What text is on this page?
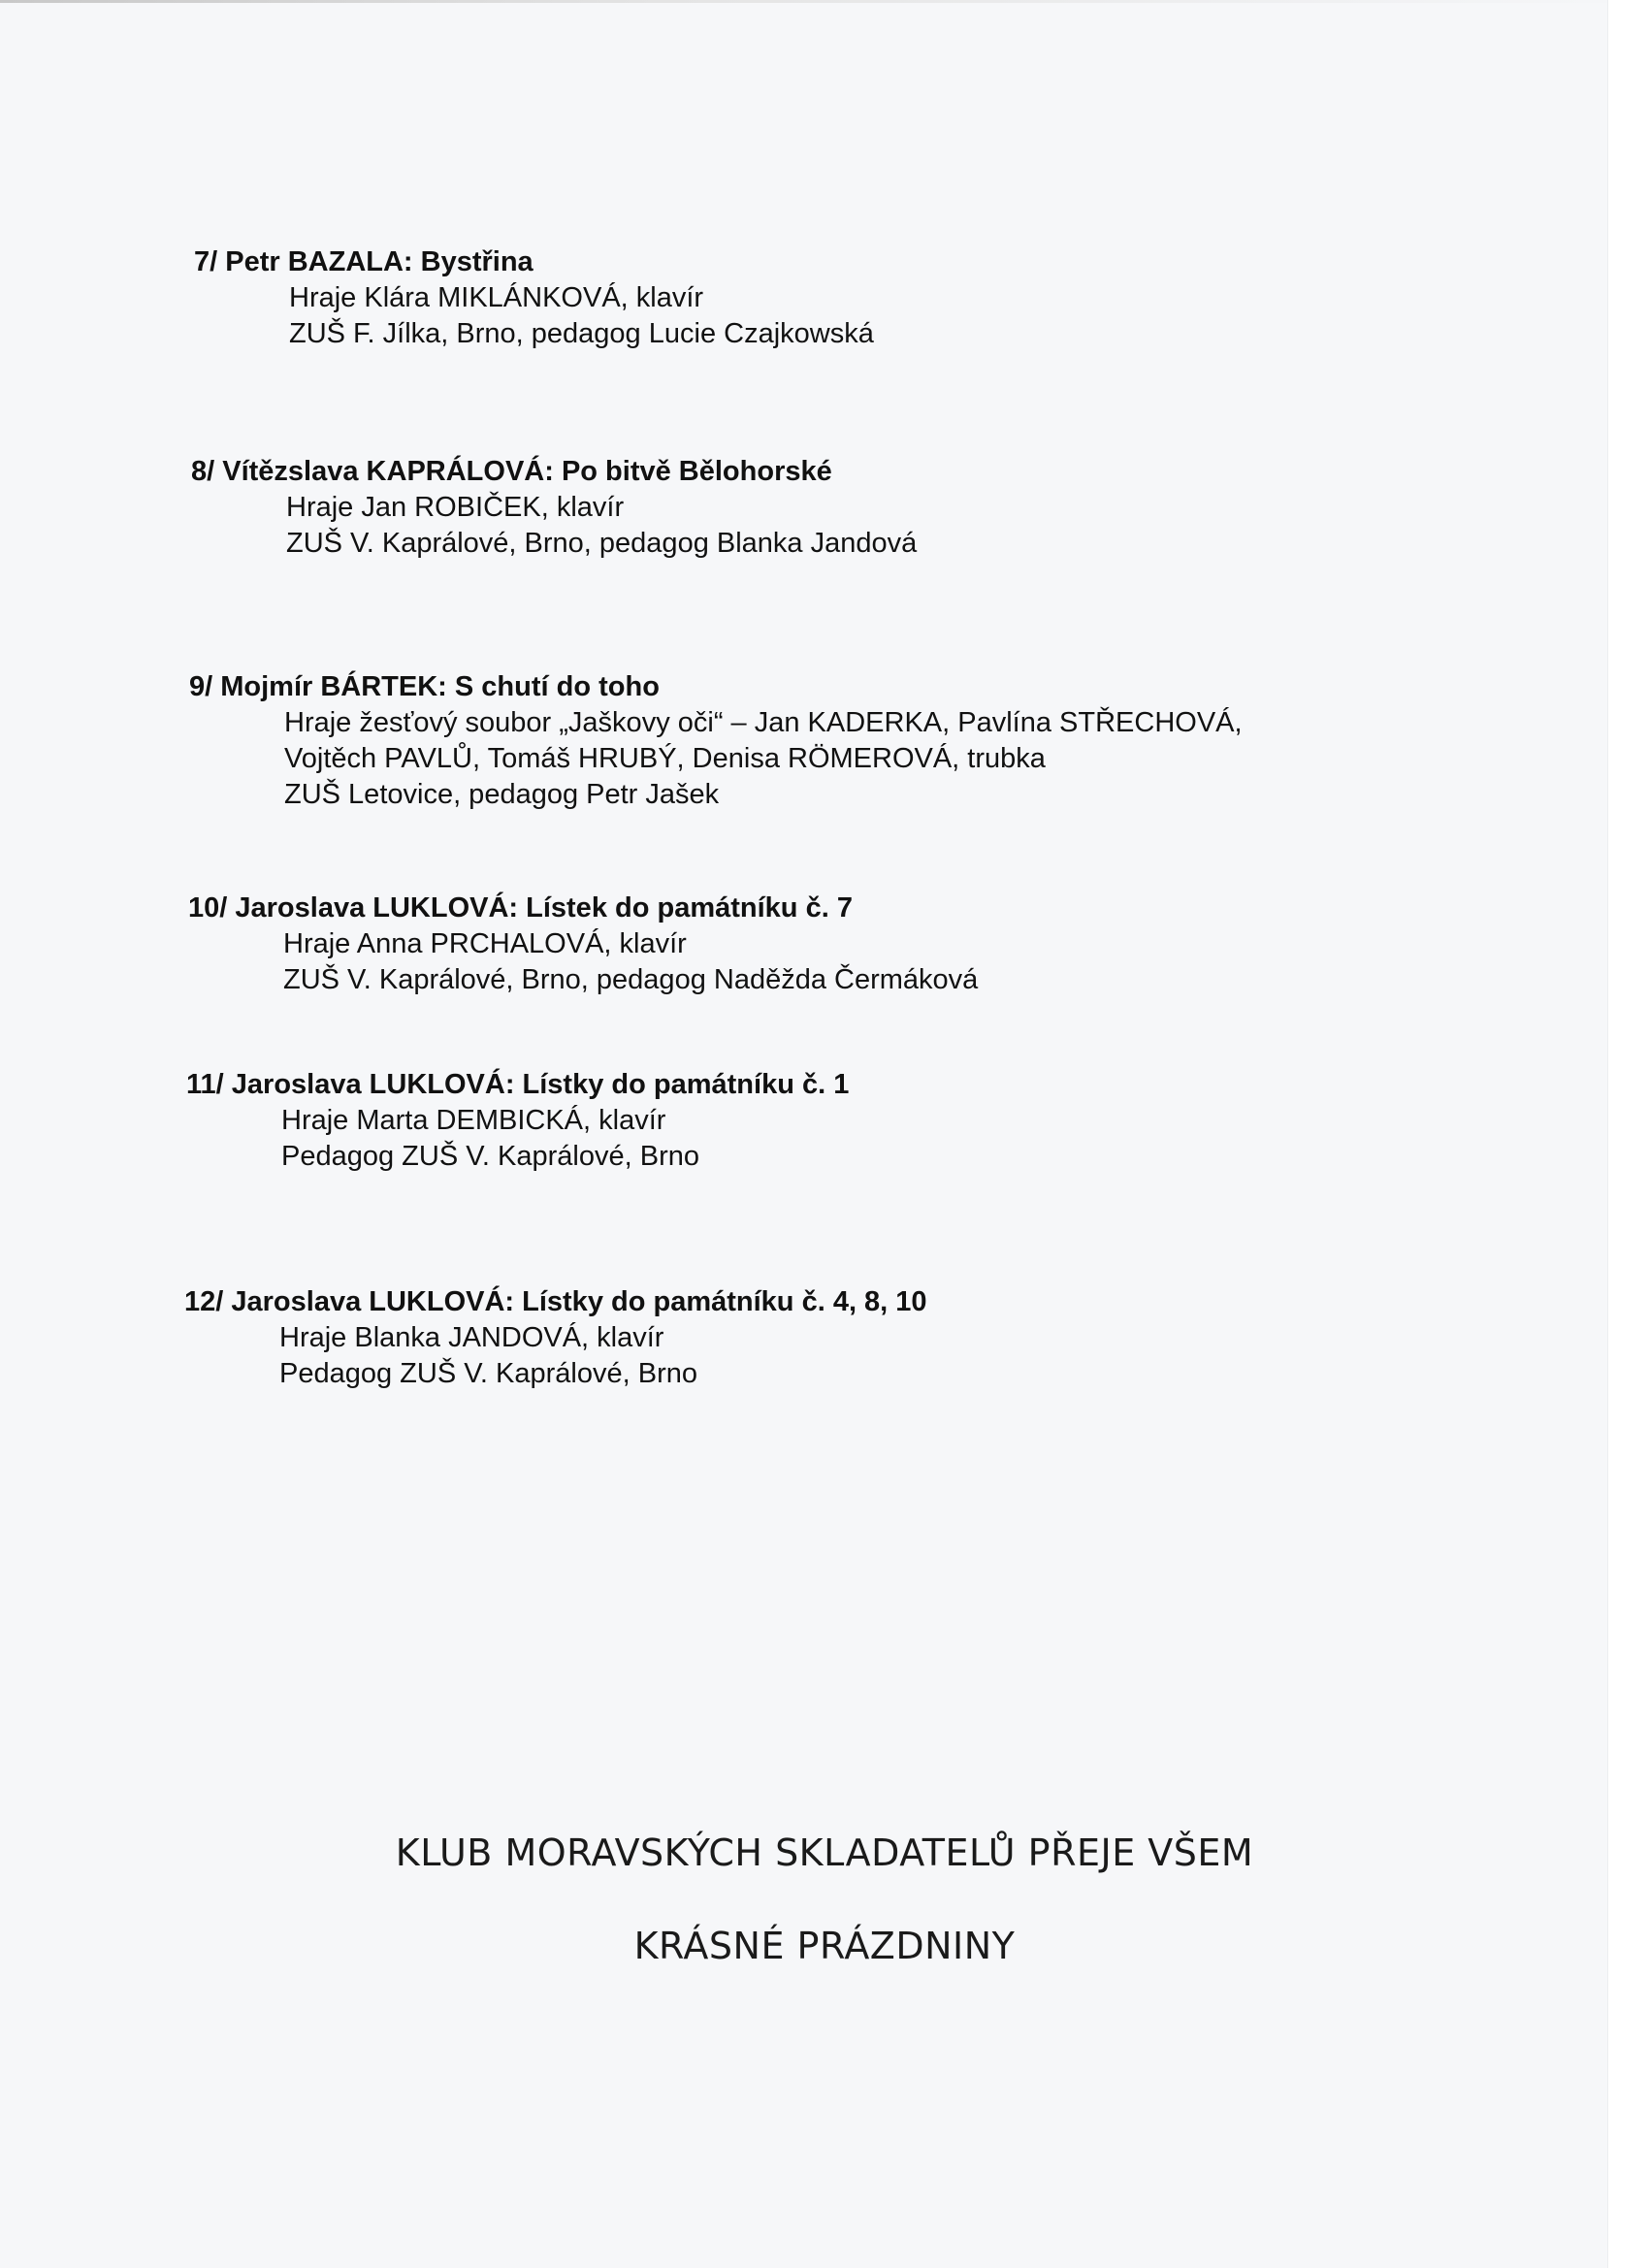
7/ Petr BAZALA: Bystřina
Hraje Klára MIKLÁNKOVÁ, klavír
ZUŠ F. Jílka, Brno, pedagog Lucie Czajkowská
8/ Vítězslava KAPRÁLOVÁ: Po bitvě Bělohorské
Hraje Jan ROBIČEK, klavír
ZUŠ V. Kaprálové, Brno, pedagog Blanka Jandová
9/ Mojmír BÁRTEK: S chutí do toho
Hraje žesťový soubor „Jaškovy oči“ – Jan KADERKA, Pavlína STŘECHOVÁ,
Vojtěch PAVLŮ, Tomáš HRUBÝ, Denisa RÖMEROVÁ, trubka
ZUŠ Letovice, pedagog Petr Jašek
10/ Jaroslava LUKLOVÁ: Lístek do památníku č. 7
Hraje Anna PRCHALOVÁ, klavír
ZUŠ V. Kaprálové, Brno, pedagog Naděžda Čermáková
11/ Jaroslava LUKLOVÁ: Lístky do památníku č. 1
Hraje Marta DEMBICKÁ, klavír
Pedagog ZUŠ V. Kaprálové, Brno
12/ Jaroslava LUKLOVÁ: Lístky do památníku č. 4, 8, 10
Hraje Blanka JANDOVÁ, klavír
Pedagog ZUŠ V. Kaprálové, Brno
KLUB MORAVSKÝCH SKLADATELŮ PŘEJE VŠEM
KRÁSNÉ PRÁZDNINY
